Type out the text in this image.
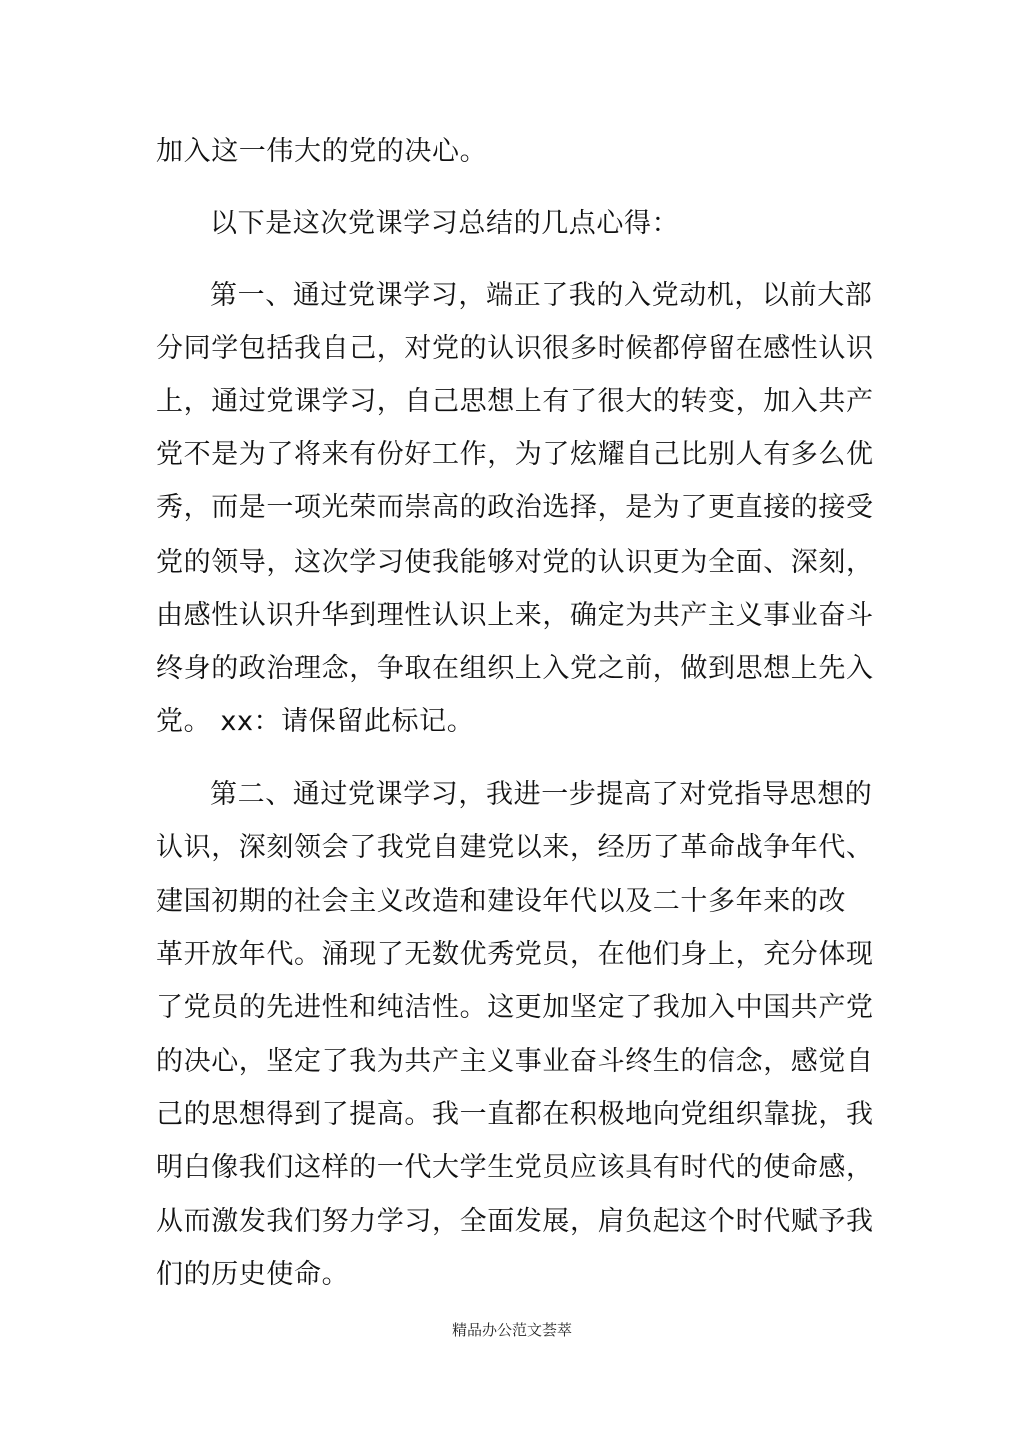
加入这一伟大的党的决心。
以下是这次党课学习总结的几点心得：
第一、通过党课学习，端正了我的入党动机，以前大部
分同学包括我自己，对党的认识很多时候都停留在感性认识
上，通过党课学习，自己思想上有了很大的转变，加入共产
党不是为了将来有份好工作，为了炫耀自己比别人有多么优
秀，而是一项光荣而崇高的政治选择，是为了更直接的接受
党的领导，这次学习使我能够对党的认识更为全面、深刻，
由感性认识升华到理性认识上来，确定为共产主义事业奋斗
终身的政治理念，争取在组织上入党之前，做到思想上先入
党。 xx：请保留此标记。
第二、通过党课学习，我进一步提高了对党指导思想的
认识，深刻领会了我党自建党以来，经历了革命战争年代、
建国初期的社会主义改造和建设年代以及二十多年来的改
革开放年代。涌现了无数优秀党员，在他们身上，充分体现
了党员的先进性和纯洁性。这更加坚定了我加入中国共产党
的决心，坚定了我为共产主义事业奋斗终生的信念，感觉自
己的思想得到了提高。我一直都在积极地向党组织靠拢，我
明白像我们这样的一代大学生党员应该具有时代的使命感，
从而激发我们努力学习，全面发展，肩负起这个时代赋予我
们的历史使命。
精品办公范文荟萃
